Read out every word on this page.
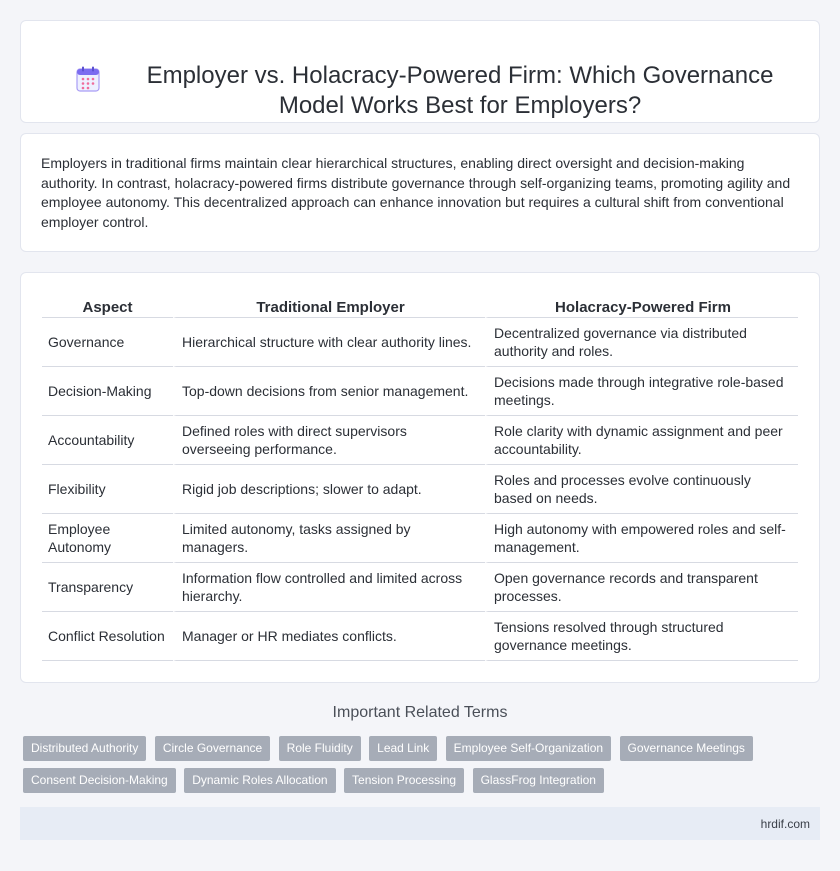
Employer vs. Holacracy-Powered Firm: Which Governance Model Works Best for Employers?

Employers in traditional firms maintain clear hierarchical structures, enabling direct oversight and decision-making authority. In contrast, holacracy-powered firms distribute governance through self-organizing teams, promoting agility and employee autonomy. This decentralized approach can enhance innovation but requires a cultural shift from conventional employer control.

Aspect	Traditional Employer	Holacracy-Powered Firm
Governance	Hierarchical structure with clear authority lines.	Decentralized governance via distributed authority and roles.
Decision-Making	Top-down decisions from senior management.	Decisions made through integrative role-based meetings.
Accountability	Defined roles with direct supervisors overseeing performance.	Role clarity with dynamic assignment and peer accountability.
Flexibility	Rigid job descriptions; slower to adapt.	Roles and processes evolve continuously based on needs.
Employee Autonomy	Limited autonomy, tasks assigned by managers.	High autonomy with empowered roles and self-management.
Transparency	Information flow controlled and limited across hierarchy.	Open governance records and transparent processes.
Conflict Resolution	Manager or HR mediates conflicts.	Tensions resolved through structured governance meetings.
Important Related Terms
Distributed Authority Circle Governance Role Fluidity Lead Link Employee Self-Organization Governance Meetings Consent Decision-Making Dynamic Roles Allocation Tension Processing GlassFrog Integration
hrdif.com
